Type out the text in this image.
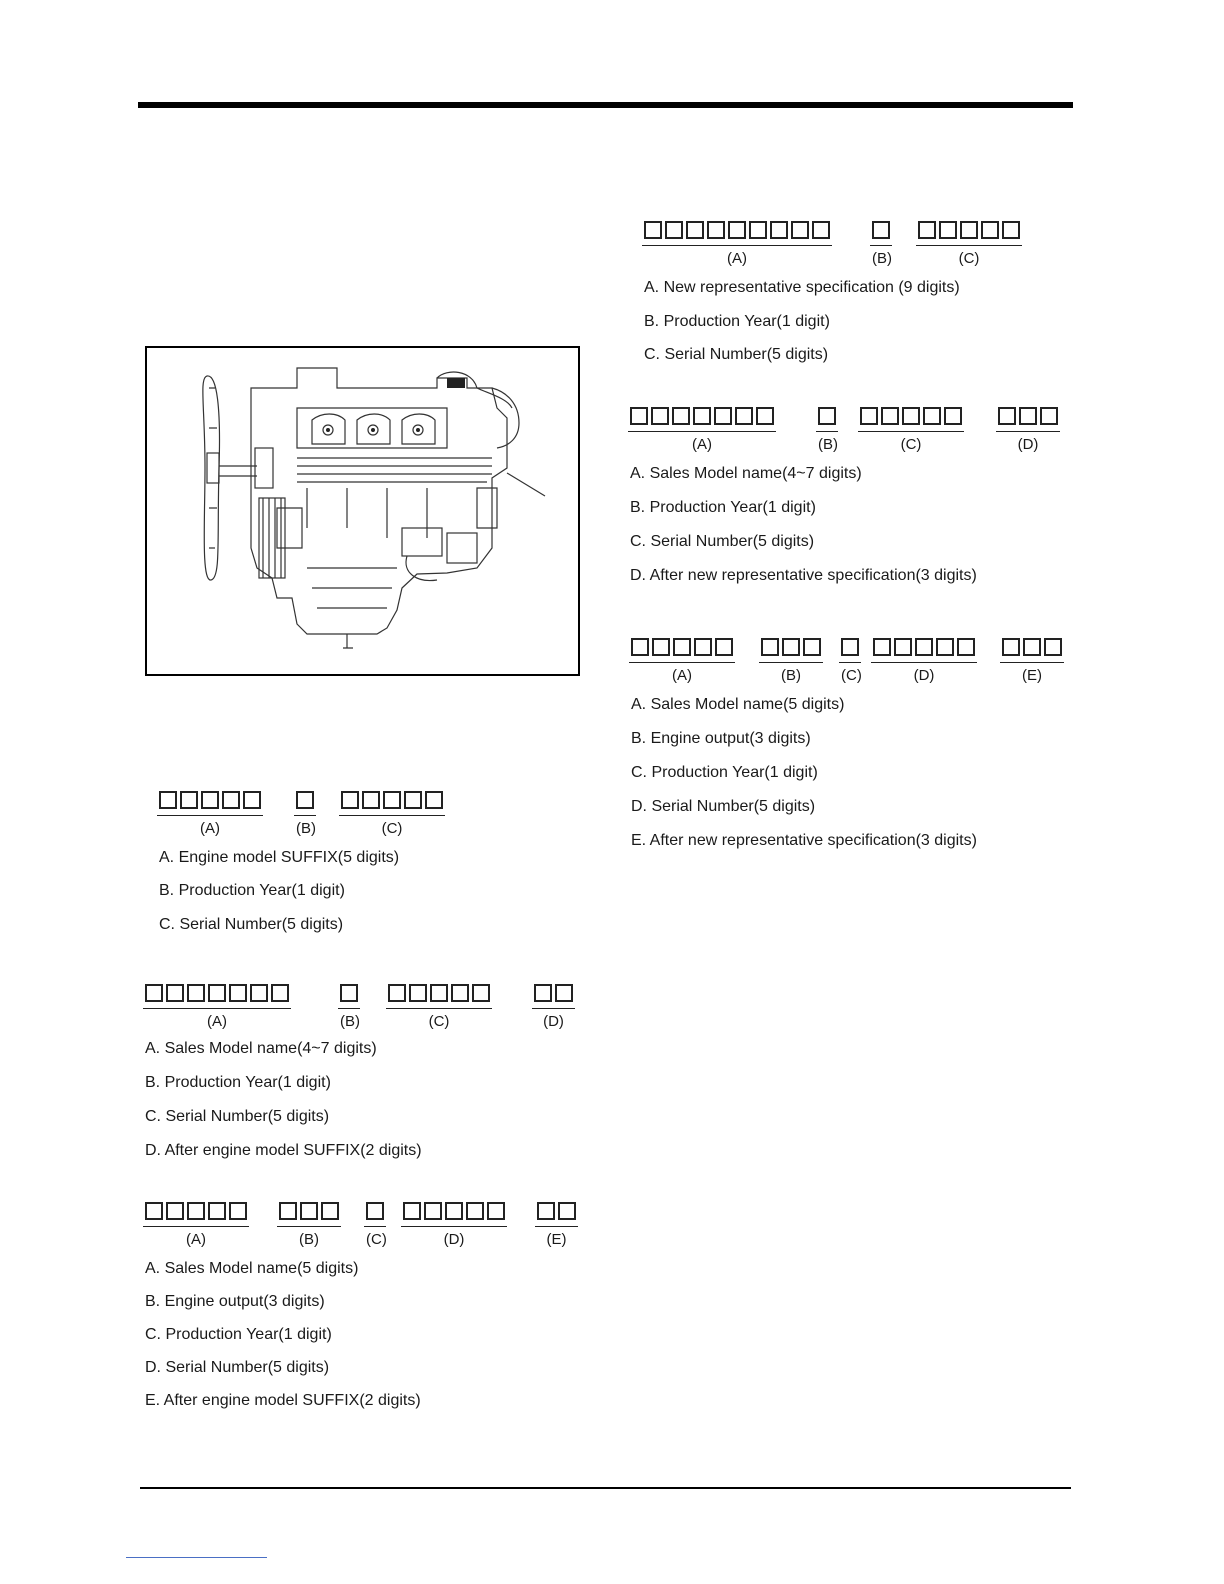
(A)	(B)	(C)
A. Engine model SUFFIX(5 digits)
B. Production Year(1 digit)
C. Serial Number(5 digits)
(A)	(B)	(C)	(D)
A. Sales Model name(4~7 digits)
B. Production Year(1 digit)
C. Serial Number(5 digits)
D. After engine model SUFFIX(2 digits)
(A)	(B)	(C)	(D)	(E)
A. Sales Model name(5 digits)
B. Engine output(3 digits)
C. Production Year(1 digit)
D. Serial Number(5 digits)
E. After engine model SUFFIX(2 digits)
(A)	(B)	(C)
A. New representative specification (9 digits)
B. Production Year(1 digit)
C. Serial Number(5 digits)
(A)	(B)	(C)	(D)
A. Sales Model name(4~7 digits)
B. Production Year(1 digit)
C. Serial Number(5 digits)
D. After new representative specification(3 digits)
(A)	(B)	(C)	(D)	(E)
A. Sales Model name(5 digits)
B. Engine output(3 digits)
C. Production Year(1 digit)
D. Serial Number(5 digits)
E. After new representative specification(3 digits)
